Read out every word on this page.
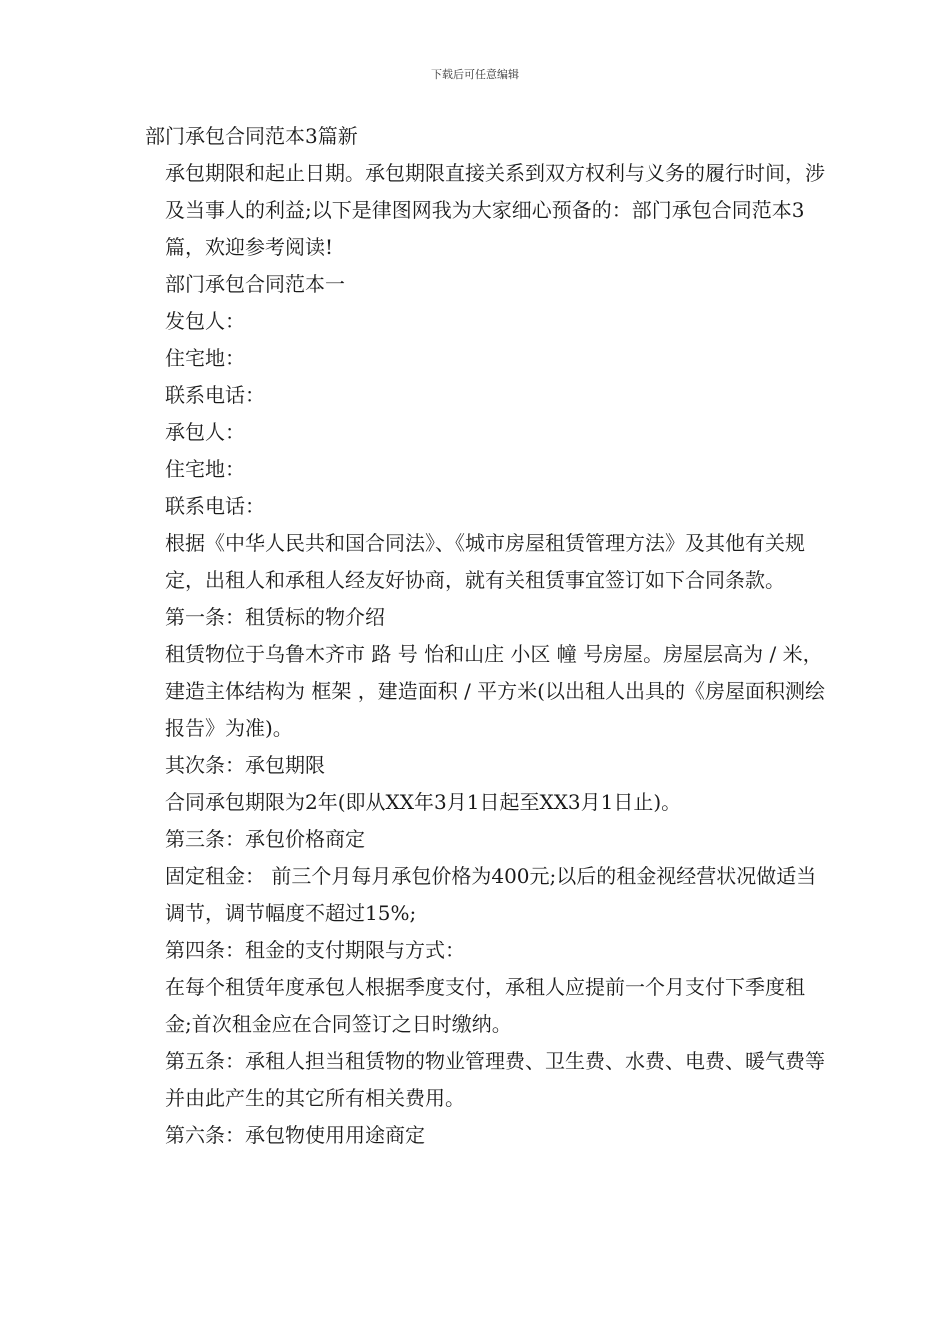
下载后可任意编辑

部门承包合同范本3篇新

承包期限和起止日期。承包期限直接关系到双方权利与义务的履行时间，涉及当事人的利益;以下是律图网我为大家细心预备的：部门承包合同范本3篇，欢迎参考阅读!

部门承包合同范本一

发包人：

住宅地：

联系电话：

承包人：

住宅地：

联系电话：

根据《中华人民共和国合同法》、《城市房屋租赁管理方法》及其他有关规定，出租人和承租人经友好协商，就有关租赁事宜签订如下合同条款。

第一条：租赁标的物介绍

租赁物位于乌鲁木齐市 路 号 怡和山庄 小区 幢 号房屋。房屋层高为 / 米，建造主体结构为 框架 ，建造面积 / 平方米(以出租人出具的《房屋面积测绘报告》为准)。

其次条：承包期限

合同承包期限为2年(即从XX年3月1日起至XX3月1日止)。

第三条：承包价格商定

固定租金： 前三个月每月承包价格为400元;以后的租金视经营状况做适当调节，调节幅度不超过15%;

第四条：租金的支付期限与方式：

在每个租赁年度承包人根据季度支付，承租人应提前一个月支付下季度租金;首次租金应在合同签订之日时缴纳。

第五条：承租人担当租赁物的物业管理费、卫生费、水费、电费、暖气费等并由此产生的其它所有相关费用。

第六条：承包物使用用途商定
